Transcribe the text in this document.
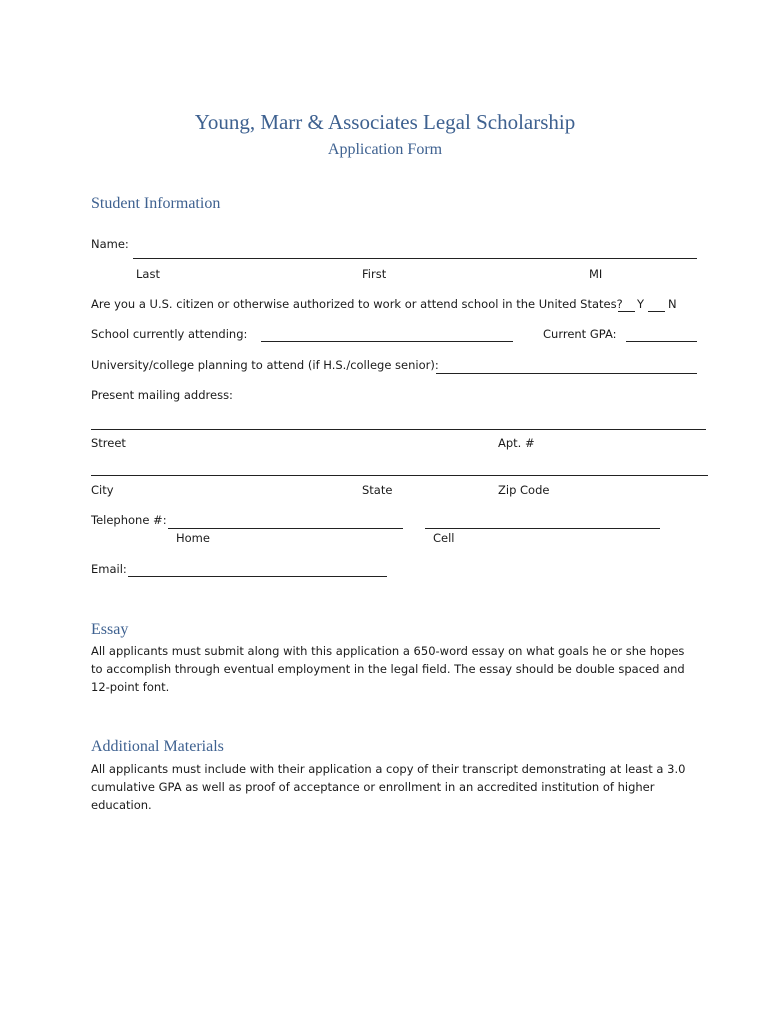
Young, Marr & Associates Legal Scholarship
Application Form
Student Information
Name:
Last	First	MI
Are you a U.S. citizen or otherwise authorized to work or attend school in the United States? Y N
School currently attending:	Current GPA:
University/college planning to attend (if H.S./college senior):
Present mailing address:
Street	Apt. #
City	State	Zip Code
Telephone #:
Home	Cell
Email:
Essay
All applicants must submit along with this application a 650-word essay on what goals he or she hopes to accomplish through eventual employment in the legal field. The essay should be double spaced and 12-point font.
Additional Materials
All applicants must include with their application a copy of their transcript demonstrating at least a 3.0 cumulative GPA as well as proof of acceptance or enrollment in an accredited institution of higher education.
